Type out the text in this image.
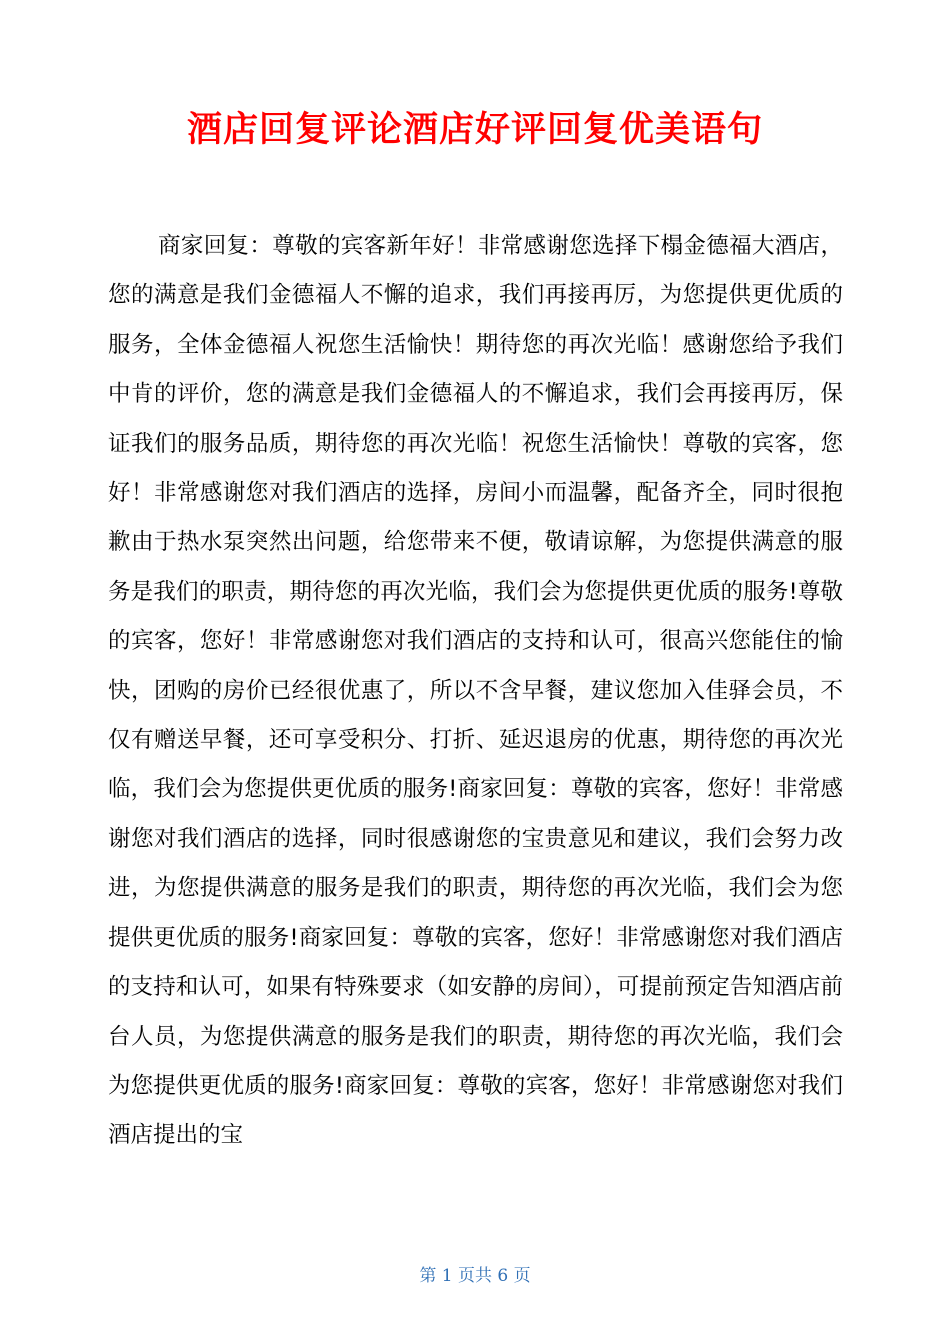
酒店回复评论酒店好评回复优美语句

商家回复：尊敬的宾客新年好！非常感谢您选择下榻金德福大酒店，您的满意是我们金德福人不懈的追求，我们再接再厉，为您提供更优质的服务，全体金德福人祝您生活愉快！期待您的再次光临！感谢您给予我们中肯的评价，您的满意是我们金德福人的不懈追求，我们会再接再厉，保证我们的服务品质，期待您的再次光临！祝您生活愉快！尊敬的宾客，您好！非常感谢您对我们酒店的选择，房间小而温馨，配备齐全，同时很抱歉由于热水泵突然出问题，给您带来不便，敬请谅解，为您提供满意的服务是我们的职责，期待您的再次光临，我们会为您提供更优质的服务!尊敬的宾客，您好！非常感谢您对我们酒店的支持和认可，很高兴您能住的愉快，团购的房价已经很优惠了，所以不含早餐，建议您加入佳驿会员，不仅有赠送早餐，还可享受积分、打折、延迟退房的优惠，期待您的再次光临，我们会为您提供更优质的服务!商家回复：尊敬的宾客，您好！非常感谢您对我们酒店的选择，同时很感谢您的宝贵意见和建议，我们会努力改进，为您提供满意的服务是我们的职责，期待您的再次光临，我们会为您提供更优质的服务!商家回复：尊敬的宾客，您好！非常感谢您对我们酒店的支持和认可，如果有特殊要求（如安静的房间），可提前预定告知酒店前台人员，为您提供满意的服务是我们的职责，期待您的再次光临，我们会为您提供更优质的服务!商家回复：尊敬的宾客，您好！非常感谢您对我们酒店提出的宝

第 1 页共 6 页
